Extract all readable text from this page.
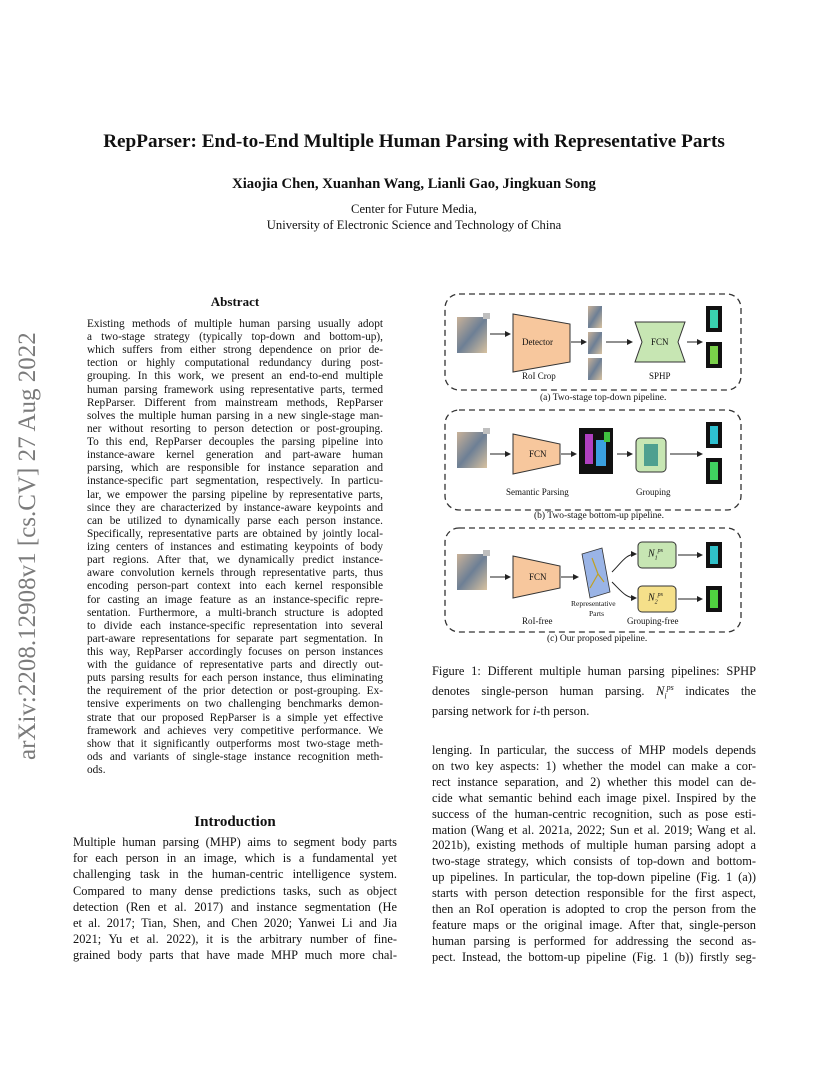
arXiv:2208.12908v1 [cs.CV] 27 Aug 2022
RepParser: End-to-End Multiple Human Parsing with Representative Parts
Xiaojia Chen, Xuanhan Wang, Lianli Gao, Jingkuan Song
Center for Future Media,
University of Electronic Science and Technology of China
Abstract
Existing methods of multiple human parsing usually adopt
a two-stage strategy (typically top-down and bottom-up),
which suffers from either strong dependence on prior de-
tection or highly computational redundancy during post-
grouping. In this work, we present an end-to-end multiple
human parsing framework using representative parts, termed
RepParser. Different from mainstream methods, RepParser
solves the multiple human parsing in a new single-stage man-
ner without resorting to person detection or post-grouping.
To this end, RepParser decouples the parsing pipeline into
instance-aware kernel generation and part-aware human
parsing, which are responsible for instance separation and
instance-specific part segmentation, respectively. In particu-
lar, we empower the parsing pipeline by representative parts,
since they are characterized by instance-aware keypoints and
can be utilized to dynamically parse each person instance.
Specifically, representative parts are obtained by jointly local-
izing centers of instances and estimating keypoints of body
part regions. After that, we dynamically predict instance-
aware convolution kernels through representative parts, thus
encoding person-part context into each kernel responsible
for casting an image feature as an instance-specific repre-
sentation. Furthermore, a multi-branch structure is adopted
to divide each instance-specific representation into several
part-aware representations for separate part segmentation. In
this way, RepParser accordingly focuses on person instances
with the guidance of representative parts and directly out-
puts parsing results for each person instance, thus eliminating
the requirement of the prior detection or post-grouping. Ex-
tensive experiments on two challenging benchmarks demon-
strate that our proposed RepParser is a simple yet effective
framework and achieves very competitive performance. We
show that it significantly outperforms most two-stage meth-
ods and variants of single-stage instance recognition meth-
ods.
Introduction
Multiple human parsing (MHP) aims to segment body parts
for each person in an image, which is a fundamental yet
challenging task in the human-centric intelligence system.
Compared to many dense predictions tasks, such as object
detection (Ren et al. 2017) and instance segmentation (He
et al. 2017; Tian, Shen, and Chen 2020; Yanwei Li and Jia
2021; Yu et al. 2022), it is the arbitrary number of fine-
grained body parts that have made MHP much more chal-
lenging. In particular, the success of MHP models depends
on two key aspects: 1) whether the model can make a cor-
rect instance separation, and 2) whether this model can de-
cide what semantic behind each image pixel. Inspired by the
success of the human-centric recognition, such as pose esti-
mation (Wang et al. 2021a, 2022; Sun et al. 2019; Wang et al.
2021b), existing methods of multiple human parsing adopt a
two-stage strategy, which consists of top-down and bottom-
up pipelines. In particular, the top-down pipeline (Fig. 1 (a))
starts with person detection responsible for the first aspect,
then an RoI operation is adopted to crop the person from the
feature maps or the original image. After that, single-person
human parsing is performed for addressing the second as-
pect. Instead, the bottom-up pipeline (Fig. 1 (b)) firstly seg-
Detector
RoI Crop
FCN
SPHP
(a) Two-stage top-down pipeline.
FCN
Semantic Parsing	Grouping
(b) Two-stage bottom-up pipeline.
FCN
Representative
Parts
RoI-free	Grouping-free
$N_1^{ps}$
$N_2^{ps}$
(c) Our proposed pipeline.
Figure 1: Different multiple human parsing pipelines: SPHP
denotes single-person human parsing. $N_i^{ps}$ indicates the
parsing network for i-th person.
